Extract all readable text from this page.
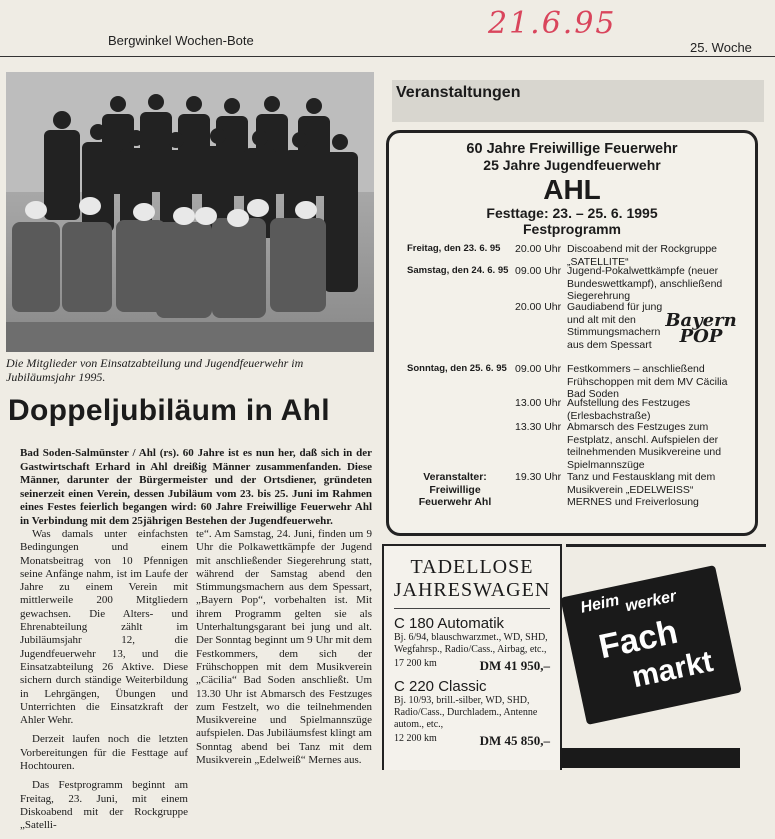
21.6.95
Bergwinkel Wochen-Bote	25. Woche
Die Mitglieder von Einsatzabteilung und Jugendfeuerwehr im Jubiläumsjahr 1995.
Doppeljubiläum in Ahl
Bad Soden-Salmünster / Ahl (rs). 60 Jahre ist es nun her, daß sich in der Gastwirtschaft Erhard in Ahl dreißig Männer zusammenfanden. Diese Männer, darunter der Bürgermeister und der Ortsdiener, gründeten seinerzeit einen Verein, dessen Jubiläum vom 23. bis 25. Juni im Rahmen eines Festes feierlich begangen wird: 60 Jahre Freiwillige Feuerwehr Ahl in Verbindung mit dem 25jährigen Bestehen der Jugendfeuerwehr.

Was damals unter einfachsten Bedingungen und einem Monatsbeitrag von 10 Pfennigen seine Anfänge nahm, ist im Laufe der Jahre zu einem Verein mit mittlerweile 200 Mitgliedern gewachsen. Die Alters- und Ehrenabteilung zählt im Jubiläumsjahr 12, die Jugendfeuerwehr 13, und die Einsatzabteilung 26 Aktive. Diese sichern durch ständige Weiterbildung in Lehrgängen, Übungen und Unterrichten die Einsatzkraft der Ahler Wehr.

Derzeit laufen noch die letzten Vorbereitungen für die Festtage auf Hochtouren.

Das Festprogramm beginnt am Freitag, 23. Juni, mit einem Diskoabend mit der Rockgruppe „Satelli-

te“. Am Samstag, 24. Juni, finden um 9 Uhr die Polkawettkämpfe der Jugend mit anschließender Siegerehrung statt, während der Samstag abend den Stimmungsmachern aus dem Spessart, „Bayern Pop“, vorbehalten ist. Mit ihrem Programm gelten sie als Unterhaltungsgarant bei jung und alt. Der Sonntag beginnt um 9 Uhr mit dem Festkommers, dem sich der Frühschoppen mit dem Musikverein „Cäcilia“ Bad Soden anschließt. Um 13.30 Uhr ist Abmarsch des Festzuges zum Festzelt, wo die teilnehmenden Musikvereine und Spielmannszüge aufspielen. Das Jubiläumsfest klingt am Sonntag abend bei Tanz mit dem Musikverein „Edelweiß“ Mernes aus.

Veranstaltungen
60 Jahre Freiwillige Feuerwehr
25 Jahre Jugendfeuerwehr
AHL
Festtage: 23. – 25. 6. 1995
Festprogramm
Freitag, den 23. 6. 95 20.00 Uhr Discoabend mit der Rockgruppe „SATELLITE“
Samstag, den 24. 6. 95 09.00 Uhr Jugend-Pokalwettkämpfe (neuer Bundeswettkampf), anschließend Siegerehrung
20.00 Uhr Gaudiabend für jung und alt mit den Stimmungsmachern aus dem Spessart
Bayern POP
Sonntag, den 25. 6. 95 09.00 Uhr Festkommers – anschließend Frühschoppen mit dem MV Cäcilia Bad Soden
13.00 Uhr Aufstellung des Festzuges (Erlesbachstraße)
13.30 Uhr Abmarsch des Festzuges zum Festplatz, anschl. Aufspielen der teilnehmenden Musikvereine und Spielmannszüge
Veranstalter: Freiwillige Feuerwehr Ahl
19.30 Uhr Tanz und Festausklang mit dem Musikverein „EDELWEISS“ MERNES und Freiverlosung
TADELLOSE
JAHRESWAGEN
C 180 Automatik
Bj. 6/94, blauschwarzmet., WD, SHD, Wegfahrsp., Radio/Cass., Airbag, etc.,
17 200 km	DM 41 950,–
C 220 Classic
Bj. 10/93, brill.-silber, WD, SHD, Radio/Cass., Durchladem., Antenne autom., etc.,
12 200 km	DM 45 850,–
Heim werker
Fach
markt
